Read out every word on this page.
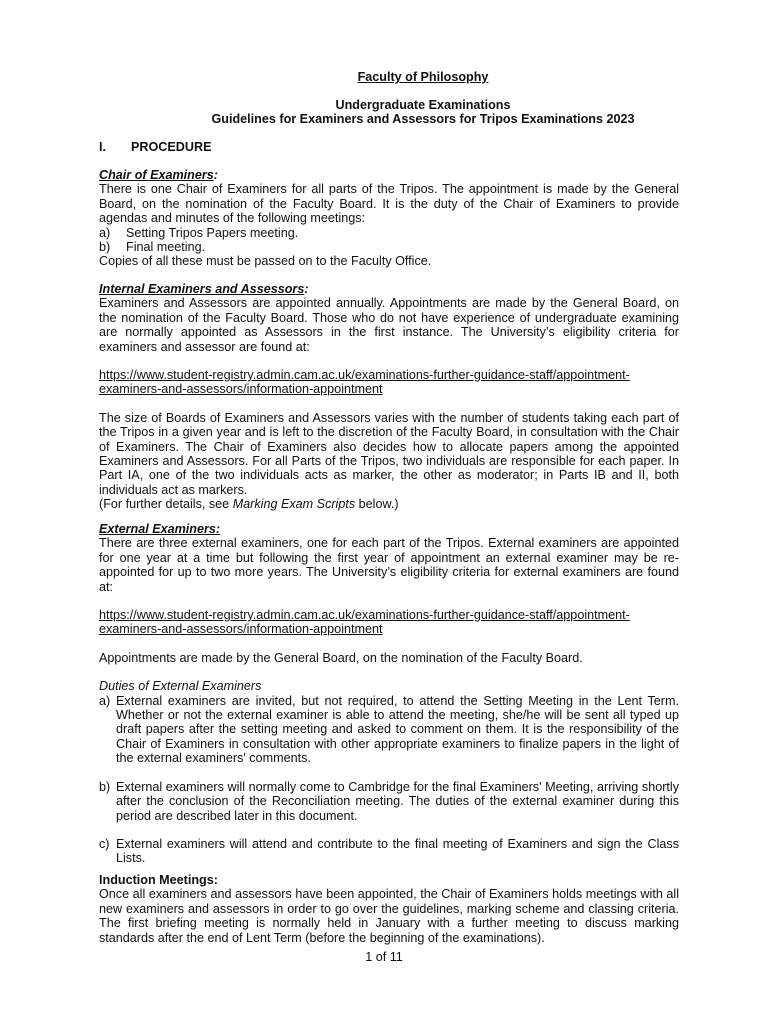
Faculty of Philosophy
Undergraduate Examinations
Guidelines for Examiners and Assessors for Tripos Examinations 2023
I. PROCEDURE

Chair of Examiners:

There is one Chair of Examiners for all parts of the Tripos. The appointment is made by the General Board, on the nomination of the Faculty Board. It is the duty of the Chair of Examiners to provide agendas and minutes of the following meetings:

a) Setting Tripos Papers meeting.
b) Final meeting.

Copies of all these must be passed on to the Faculty Office.

Internal Examiners and Assessors:

Examiners and Assessors are appointed annually. Appointments are made by the General Board, on the nomination of the Faculty Board. Those who do not have experience of undergraduate examining are normally appointed as Assessors in the first instance. The University’s eligibility criteria for examiners and assessor are found at:

https://www.student-registry.admin.cam.ac.uk/examinations-further-guidance-staff/appointment-
examiners-and-assessors/information-appointment

The size of Boards of Examiners and Assessors varies with the number of students taking each part of the Tripos in a given year and is left to the discretion of the Faculty Board, in consultation with the Chair of Examiners. The Chair of Examiners also decides how to allocate papers among the appointed Examiners and Assessors. For all Parts of the Tripos, two individuals are responsible for each paper. In Part IA, one of the two individuals acts as marker, the other as moderator; in Parts IB and II, both individuals act as markers.

(For further details, see Marking Exam Scripts below.)

External Examiners:

There are three external examiners, one for each part of the Tripos. External examiners are appointed for one year at a time but following the first year of appointment an external examiner may be re-appointed for up to two more years. The University’s eligibility criteria for external examiners are found at:

https://www.student-registry.admin.cam.ac.uk/examinations-further-guidance-staff/appointment-
examiners-and-assessors/information-appointment

Appointments are made by the General Board, on the nomination of the Faculty Board.

Duties of External Examiners

a) External examiners are invited, but not required, to attend the Setting Meeting in the Lent Term. Whether or not the external examiner is able to attend the meeting, she/he will be sent all typed up draft papers after the setting meeting and asked to comment on them. It is the responsibility of the Chair of Examiners in consultation with other appropriate examiners to finalize papers in the light of the external examiners' comments.
b) External examiners will normally come to Cambridge for the final Examiners' Meeting, arriving shortly after the conclusion of the Reconciliation meeting. The duties of the external examiner during this period are described later in this document.
c) External examiners will attend and contribute to the final meeting of Examiners and sign the Class Lists.

Induction Meetings:

Once all examiners and assessors have been appointed, the Chair of Examiners holds meetings with all new examiners and assessors in order to go over the guidelines, marking scheme and classing criteria. The first briefing meeting is normally held in January with a further meeting to discuss marking standards after the end of Lent Term (before the beginning of the examinations).

1 of 11
